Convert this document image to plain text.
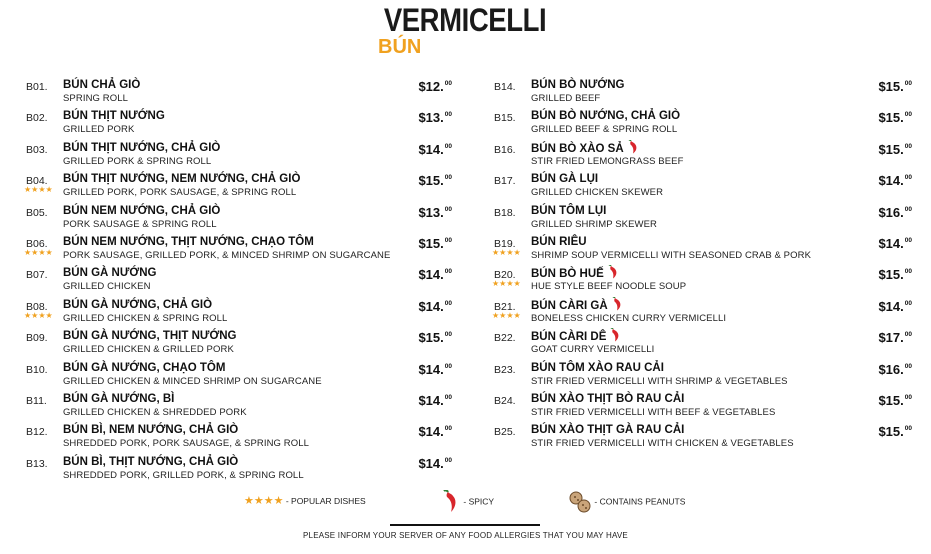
VERMICELLI
BÚN
B01. BÚN CHẢ GIÒ
SPRING ROLL
$12.00
B02. BÚN THỊT NƯỚNG
GRILLED PORK
$13.00
B03. BÚN THỊT NƯỚNG, CHẢ GIÒ
GRILLED PORK & SPRING ROLL
$14.00
B04.
★★★★
BÚN THỊT NƯỚNG, NEM NƯỚNG, CHẢ GIÒ
GRILLED PORK, PORK SAUSAGE, & SPRING ROLL
$15.00
B05. BÚN NEM NƯỚNG, CHẢ GIÒ
PORK SAUSAGE & SPRING ROLL
$13.00
B06.
★★★★
BÚN NEM NƯỚNG, THỊT NƯỚNG, CHẠO TÔM
PORK SAUSAGE, GRILLED PORK, & MINCED SHRIMP ON SUGARCANE
$15.00
B07. BÚN GÀ NƯỚNG
GRILLED CHICKEN
$14.00
B08.
★★★★
BÚN GÀ NƯỚNG, CHẢ GIÒ
GRILLED CHICKEN & SPRING ROLL
$14.00
B09. BÚN GÀ NƯỚNG, THỊT NƯỚNG
GRILLED CHICKEN & GRILLED PORK
$15.00
B10. BÚN GÀ NƯỚNG, CHẠO TÔM
GRILLED CHICKEN & MINCED SHRIMP ON SUGARCANE
$14.00
B11. BÚN GÀ NƯỚNG, BÌ
GRILLED CHICKEN & SHREDDED PORK
$14.00
B12. BÚN BÌ, NEM NƯỚNG, CHẢ GIÒ
SHREDDED PORK, PORK SAUSAGE, & SPRING ROLL
$14.00
B13. BÚN BÌ, THỊT NƯỚNG, CHẢ GIÒ
SHREDDED PORK, GRILLED PORK, & SPRING ROLL
$14.00
B14. BÚN BÒ NƯỚNG
GRILLED BEEF
$15.00
B15. BÚN BÒ NƯỚNG, CHẢ GIÒ
GRILLED BEEF & SPRING ROLL
$15.00
B16. BÚN BÒ XÀO SẢ
STIR FRIED LEMONGRASS BEEF
$15.00
B17. BÚN GÀ LỤI
GRILLED CHICKEN SKEWER
$14.00
B18. BÚN TÔM LỤI
GRILLED SHRIMP SKEWER
$16.00
B19.
★★★★
BÚN RIÊU
SHRIMP SOUP VERMICELLI WITH SEASONED CRAB & PORK
$14.00
B20.
★★★★
BÚN BÒ HUẾ
HUE STYLE BEEF NOODLE SOUP
$15.00
B21.
★★★★
BÚN CÀRI GÀ
BONELESS CHICKEN CURRY VERMICELLI
$14.00
B22. BÚN CÀRI DÊ
GOAT CURRY VERMICELLI
$17.00
B23. BÚN TÔM XÀO RAU CẢI
STIR FRIED VERMICELLI WITH SHRIMP & VEGETABLES
$16.00
B24. BÚN XÀO THỊT BÒ RAU CẢI
STIR FRIED VERMICELLI WITH BEEF & VEGETABLES
$15.00
B25. BÚN XÀO THỊT GÀ RAU CẢI
STIR FRIED VERMICELLI WITH CHICKEN & VEGETABLES
$15.00
★★★★ - POPULAR DISHES	- SPICY	- CONTAINS PEANUTS
PLEASE INFORM YOUR SERVER OF ANY FOOD ALLERGIES THAT YOU MAY HAVE
